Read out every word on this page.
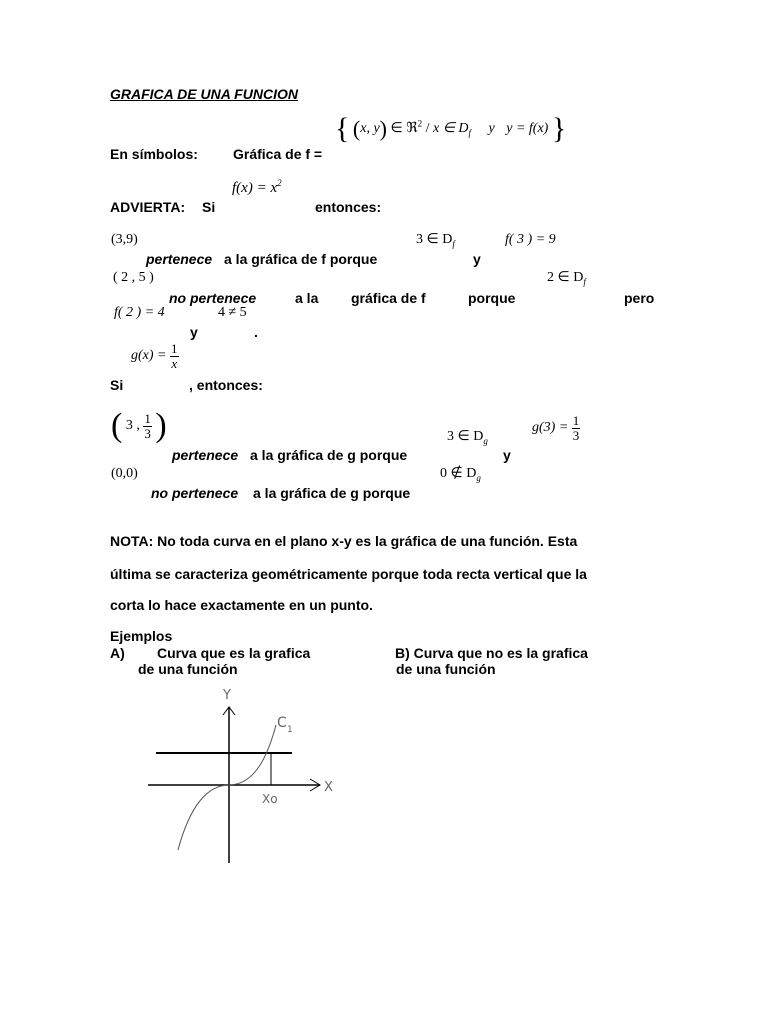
GRAFICA DE UNA FUNCION
{ (x, y) ∈ ℜ$^2$ / x ∈ $D_f$ y y = f(x) }
En símbolos:	Gráfica de f =
$f(x) = x^2$
ADVIERTA: Si	entonces:
(3,9)	3 ∈ $D_f$	f( 3 ) = 9
pertenece a la gráfica de f porque	y
( 2 , 5 )	2 ∈ $D_f$
no pertenece	a la gráfica de f	porque	pero
f( 2 ) = 4	4 ≠ 5
y	.
$g(x) = \frac{1}{x}$
Si	, entonces:
( 3 , $\frac{1}{3}$ )	3 ∈ $D_g$
$g(3) = \frac{1}{3}$
pertenece a la gráfica de g porque	y
(0,0)	0 ∉ $D_g$
no pertenece a la gráfica de g porque
NOTA: No toda curva en el plano x-y es la gráfica de una función. Esta
última se caracteriza geométricamente porque toda recta vertical que la
corta lo hace exactamente en un punto.
Ejemplos
A) Curva que es la grafica
de una función
B) Curva que no es la grafica
de una función
Y
X
C 1
Xo
